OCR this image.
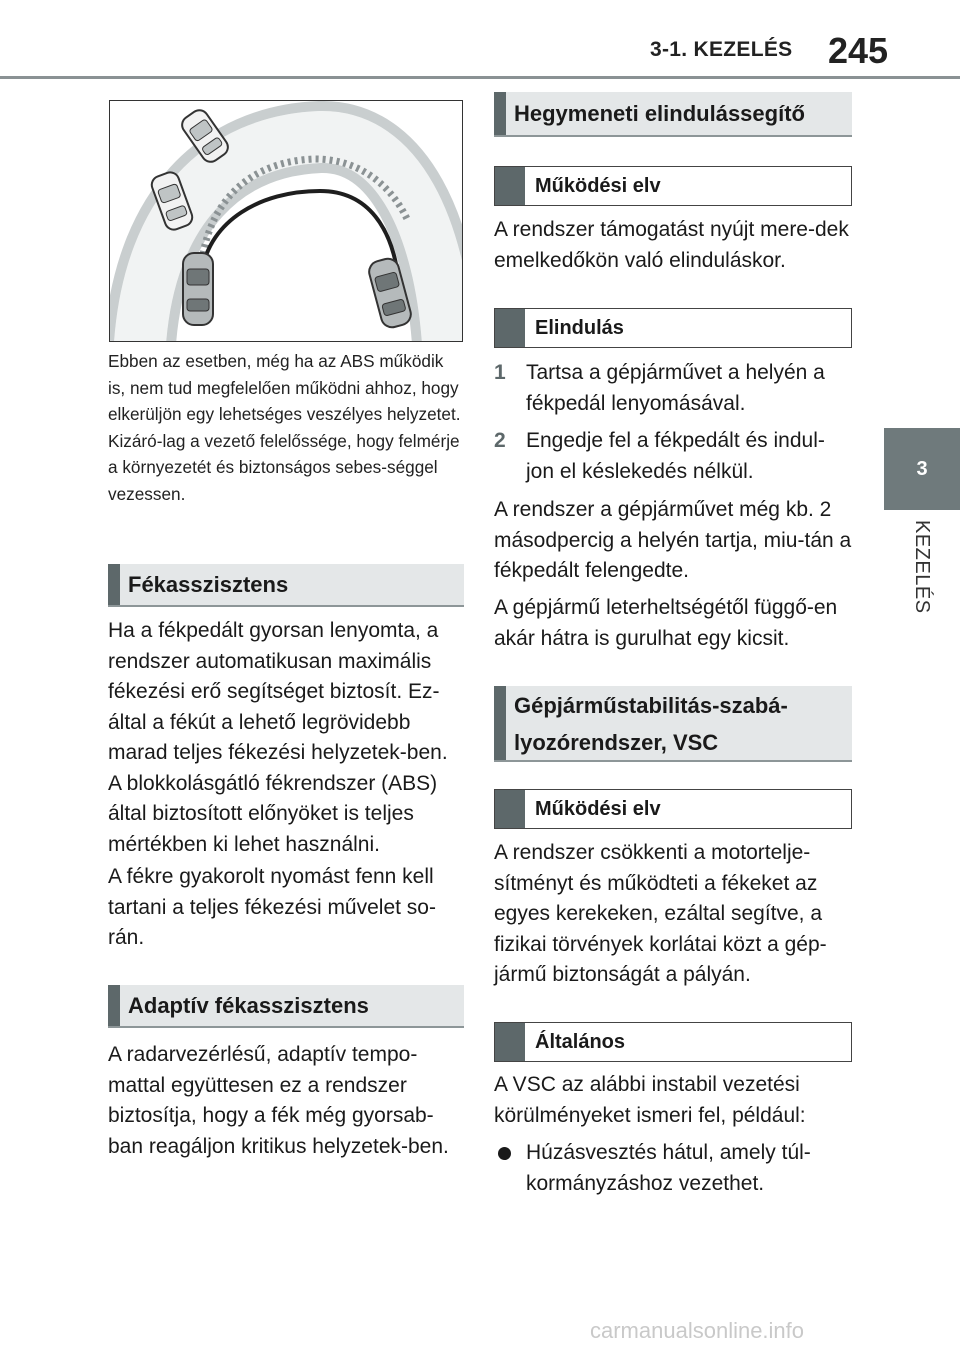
3-1. KEZELÉS 245
3
KEZELÉS
Ebben az esetben, még ha az ABS működik is, nem tud megfelelően működni ahhoz, hogy elkerüljön egy lehetséges veszélyes helyzetet. Kizáró-lag a vezető felelőssége, hogy felmérje a környezetét és biztonságos sebes-séggel vezessen.
Fékasszisztens
Ha a fékpedált gyorsan lenyomta, a rendszer automatikusan maximális fékezési erő segítséget biztosít. Ez-által a fékút a lehető legrövidebb marad teljes fékezési helyzetek-ben. A blokkolásgátló fékrendszer (ABS) által biztosított előnyöket is teljes mértékben ki lehet használni.
A fékre gyakorolt nyomást fenn kell tartani a teljes fékezési művelet so-rán.
Adaptív fékasszisztens
A radarvezérlésű, adaptív tempo-mattal együttesen ez a rendszer biztosítja, hogy a fék még gyorsab-ban reagáljon kritikus helyzetek-ben.
Hegymeneti elindulássegítő
Működési elv
A rendszer támogatást nyújt mere-dek emelkedőkön való elinduláskor.
Elindulás
1 Tartsa a gépjárművet a helyén a fékpedál lenyomásával.
2 Engedje fel a fékpedált és indul-jon el késlekedés nélkül.
A rendszer a gépjárművet még kb. 2 másodpercig a helyén tartja, miu-tán a fékpedált felengedte.
A gépjármű leterheltségétől függő-en akár hátra is gurulhat egy kicsit.
Gépjárműstabilitás-szabá-lyozórendszer, VSC
Működési elv
A rendszer csökkenti a motortelje-sítményt és működteti a fékeket az egyes kerekeken, ezáltal segítve, a fizikai törvények korlátai közt a gép-jármű biztonságát a pályán.
Általános
A VSC az alábbi instabil vezetési körülményeket ismeri fel, például:
Húzásvesztés hátul, amely túl-kormányzáshoz vezethet.
carmanualsonline.info
